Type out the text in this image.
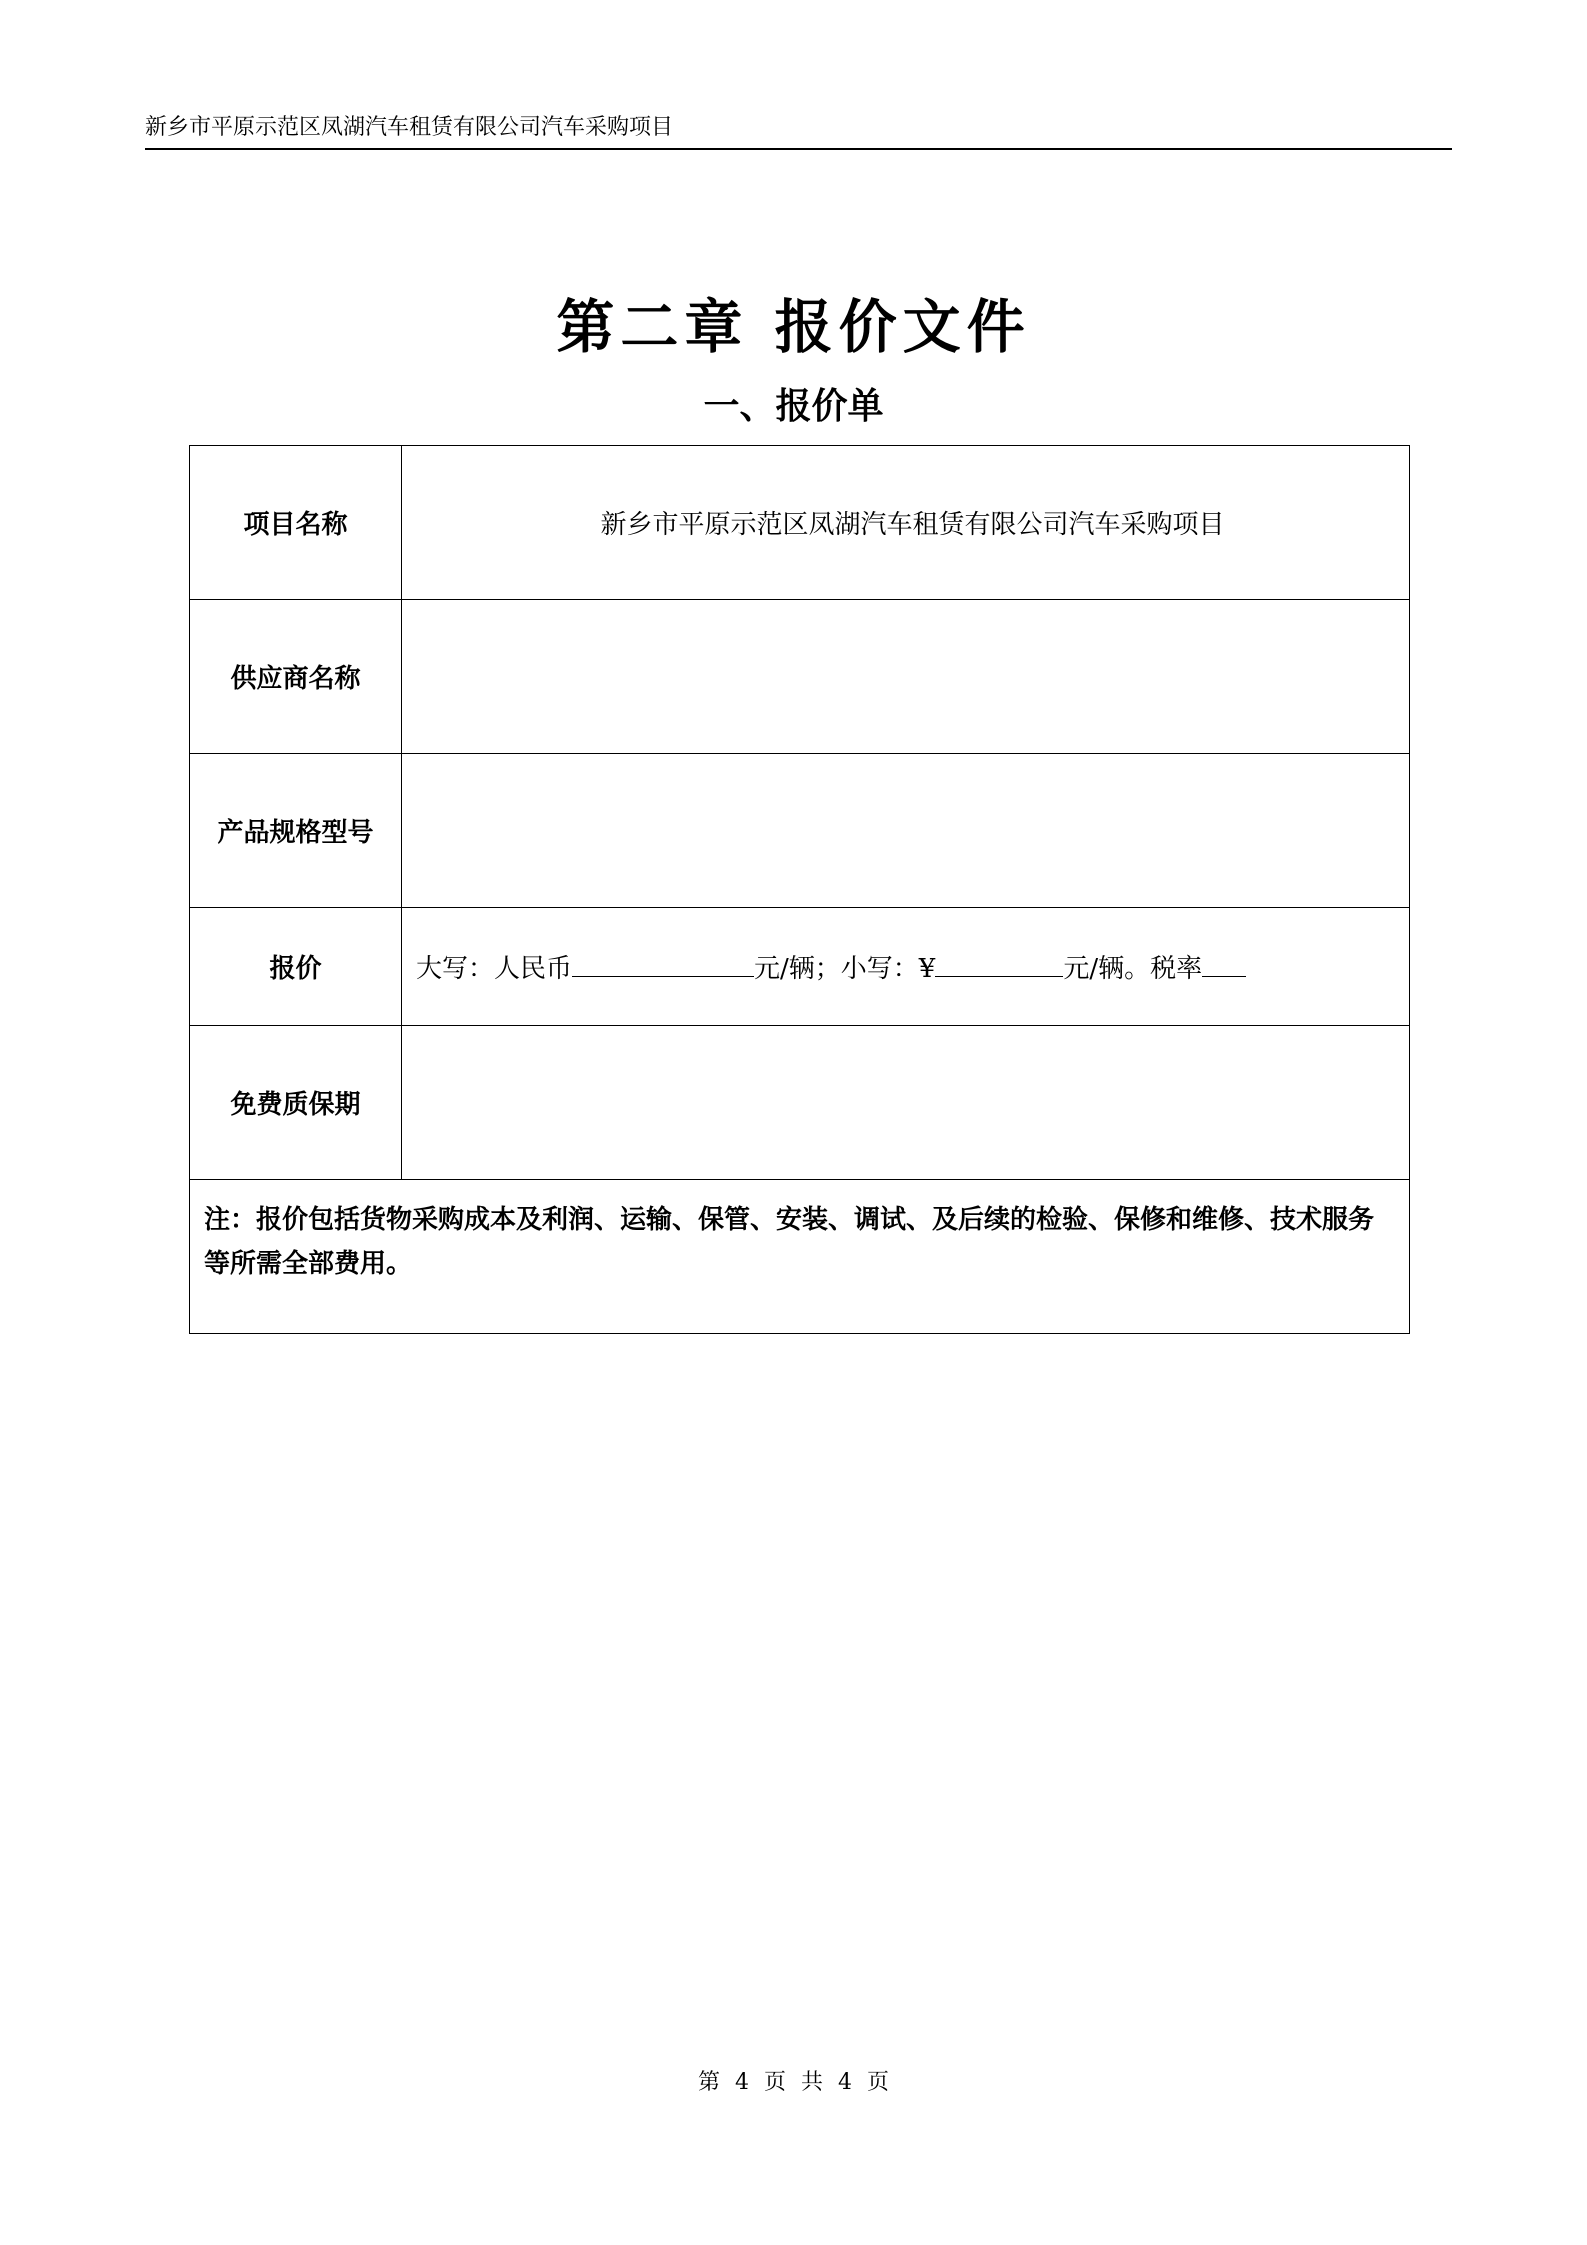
新乡市平原示范区凤湖汽车租赁有限公司汽车采购项目
第二章 报价文件
一、报价单
项目名称	新乡市平原示范区凤湖汽车租赁有限公司汽车采购项目
供应商名称	
产品规格型号	
报价	大写：人民币 元/辆；小写：¥ 元/辆。税率
免费质保期	
注：报价包括货物采购成本及利润、运输、保管、安装、调试、及后续的检验、保修和维修、技术服务等所需全部费用。	
第 4 页 共 4 页
